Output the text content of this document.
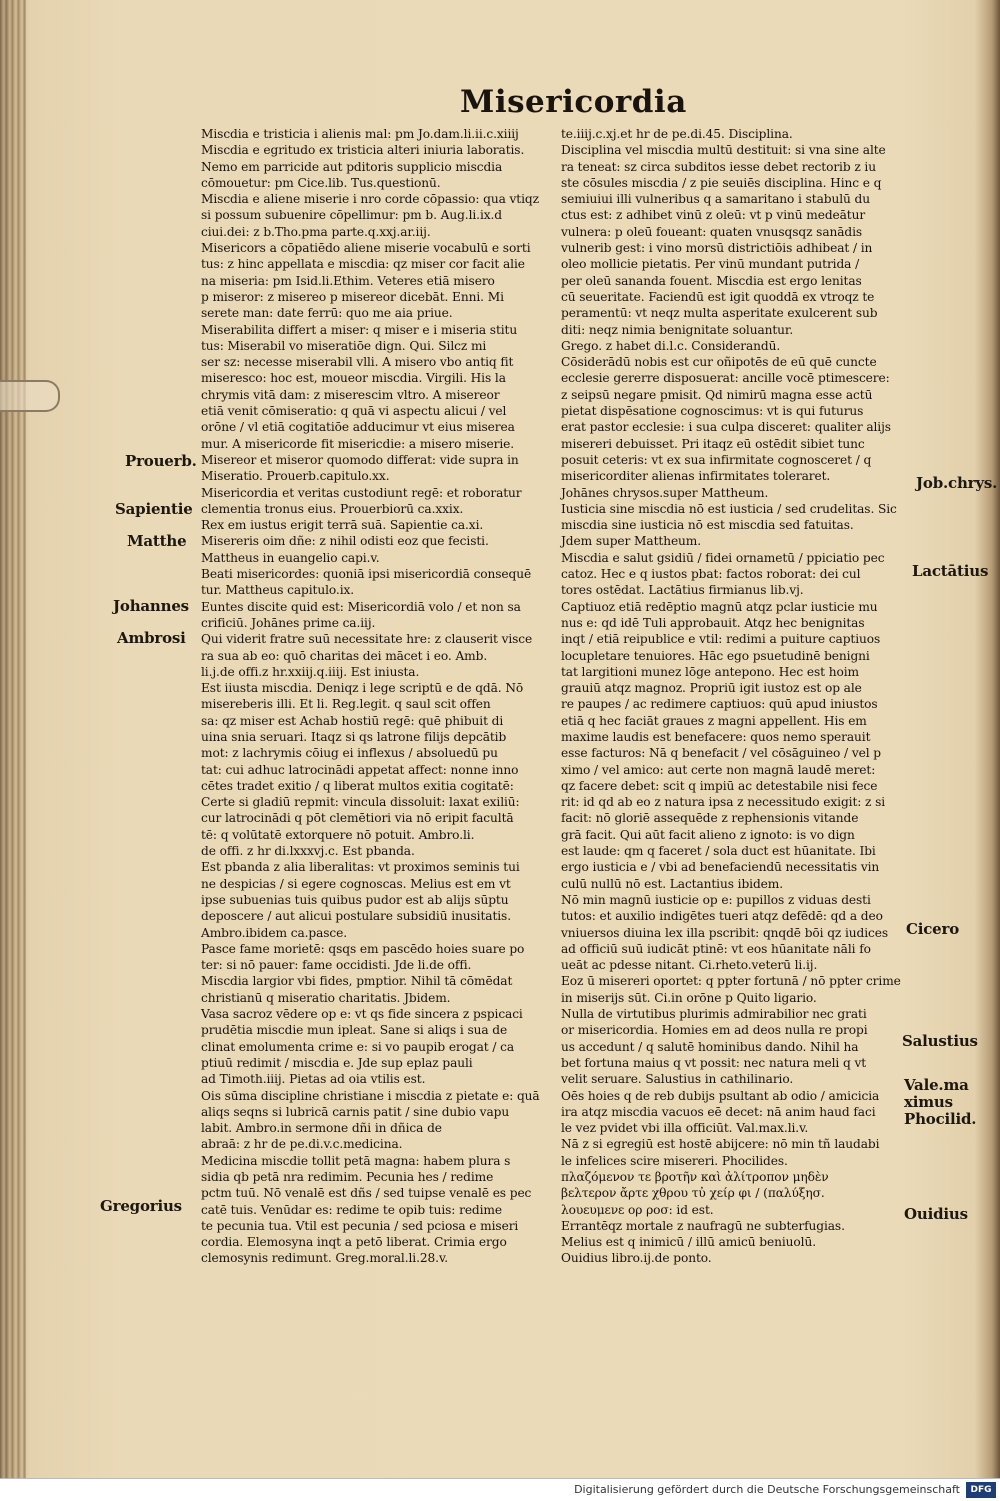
Misericordia
Miscdia e tristicia i alienis mal: pm Jo.dam.li.ii.c.xiiij
Miscdia e egritudo ex tristicia alteri iniuria laboratis.
Nemo em parricide aut pditoris supplicio miscdia
cōmouetur: pm Cice.lib. Tus.questionū.
Miscdia e aliene miserie i nro corde cōpassio: qua vtiqz
si possum subuenire cōpellimur: pm b. Aug.li.ix.d
ciui.dei: z b.Tho.pma parte.q.xxj.ar.iij.
Misericors a cōpatiēdo aliene miserie vocabulū e sorti
tus: z hinc appellata e miscdia: qz miser cor facit alie
na miseria: pm Isid.li.Ethim. Veteres etiā misero
p miseror: z misereo p misereor dicebāt. Enni. Mi
serete man: date ferrū: quo me aia priue.
Miserabilita differt a miser: q miser e i miseria stitu
tus: Miserabil vo miseratiōe dign. Qui. Silcz mi
ser sz: necesse miserabil vlli. A misero vbo antiq fit
miseresco: hoc est, moueor miscdia. Virgili. His la
chrymis vitā dam: z miserescim vltro. A misereor
etiā venit cōmiseratio: q quā vi aspectu alicui / vel
orōne / vl etiā cogitatiōe adducimur vt eius miserea
mur. A misericorde fit misericdie: a misero miserie.
Misereor et miseror quomodo differat: vide supra in
Miseratio. Prouerb.capitulo.xx.
Misericordia et veritas custodiunt regē: et roboratur
clementia tronus eius. Prouerbiorū ca.xxix.
Rex em iustus erigit terrā suā. Sapientie ca.xi.
Misereris oim dñe: z nihil odisti eoz que fecisti.
Mattheus in euangelio capi.v.
Beati misericordes: quoniā ipsi misericordiā consequē
tur. Mattheus capitulo.ix.
Euntes discite quid est: Misericordiā volo / et non sa
crificiū. Johānes prime ca.iij.
Qui viderit fratre suū necessitate hre: z clauserit visce
ra sua ab eo: quō charitas dei mācet i eo. Amb.
li.j.de offi.z hr.xxiij.q.iiij. Est iniusta.
Est iiusta miscdia. Deniqz i lege scriptū e de qdā. Nō
misereberis illi. Et li. Reg.legit. q saul scit offen
sa: qz miser est Achab hostiū regē: quē phibuit di
uina snia seruari. Itaqz si qs latrone filijs depcātib
mot: z lachrymis cōiug ei inflexus / absoluedū pu
tat: cui adhuc latrocinādi appetat affect: nonne inno
cētes tradet exitio / q liberat multos exitia cogitatē:
Certe si gladiū repmit: vincula dissoluit: laxat exiliū:
cur latrocinādi q pōt clemētiori via nō eripit facultā
tē: q volūtatē extorquere nō potuit. Ambro.li.
de offi. z hr di.lxxxvj.c. Est pbanda.
Est pbanda z alia liberalitas: vt proximos seminis tui
ne despicias / si egere cognoscas. Melius est em vt
ipse subuenias tuis quibus pudor est ab alijs sūptu
deposcere / aut alicui postulare subsidiū inusitatis.
Ambro.ibidem ca.pasce.
Pasce fame morietē: qsqs em pascēdo hoies suare po
ter: si nō pauer: fame occidisti. Jde li.de offi.
Miscdia largior vbi fides, pmptior. Nihil tā cōmēdat
christianū q miseratio charitatis. Jbidem.
Vasa sacroz vēdere op e: vt qs fide sincera z pspicaci
prudētia miscdie mun ipleat. Sane si aliqs i sua de
clinat emolumenta crime e: si vo paupib erogat / ca
ptiuū redimit / miscdia e. Jde sup eplaz pauli
ad Timoth.iiij. Pietas ad oia vtilis est.
Ois sūma discipline christiane i miscdia z pietate e: quā
aliqs seqns si lubricā carnis patit / sine dubio vapu
labit. Ambro.in sermone dñi in dñica de
abraā: z hr de pe.di.v.c.medicina.
Medicina miscdie tollit petā magna: habem plura s
sidia qb petā nra redimim. Pecunia hes / redime
pctm tuū. Nō venalē est dñs / sed tuipse venalē es pec
catē tuis. Venūdar es: redime te opib tuis: redime
te pecunia tua. Vtil est pecunia / sed pciosa e miseri
cordia. Elemosyna inqt a petō liberat. Crimia ergo
clemosynis redimunt. Greg.moral.li.28.v.
te.iiij.c.xj.et hr de pe.di.45. Disciplina.
Disciplina vel miscdia multū destituit: si vna sine alte
ra teneat: sz circa subditos iesse debet rectorib z iu
ste cōsules miscdia / z pie seuiēs disciplina. Hinc e q
semiuiui illi vulneribus q a samaritano i stabulū du
ctus est: z adhibet vinū z oleū: vt p vinū medeātur
vulnera: p oleū foueant: quaten vnusqsqz sanādis
vulnerib gest: i vino morsū districtiōis adhibeat / in
oleo mollicie pietatis. Per vinū mundant putrida /
per oleū sananda fouent. Miscdia est ergo lenitas
cū seueritate. Faciendū est igit quoddā ex vtroqz te
peramentū: vt neqz multa asperitate exulcerent sub
diti: neqz nimia benignitate soluantur.
Grego. z habet di.l.c. Considerandū.
Cōsiderādū nobis est cur oñipotēs de eū quē cuncte
ecclesie gererre disposuerat: ancille vocē ptimescere:
z seipsū negare pmisit. Qd nimirū magna esse actū
pietat dispēsatione cognoscimus: vt is qui futurus
erat pastor ecclesie: i sua culpa disceret: qualiter alijs
misereri debuisset. Pri itaqz eū ostēdit sibiet tunc
posuit ceteris: vt ex sua infirmitate cognosceret / q
misericorditer alienas infirmitates toleraret.
Johānes chrysos.super Mattheum.
Iusticia sine miscdia nō est iusticia / sed crudelitas. Sic
miscdia sine iusticia nō est miscdia sed fatuitas.
Jdem super Mattheum.
Miscdia e salut gsidiū / fidei ornametū / ppiciatio pec
catoz. Hec e q iustos pbat: factos roborat: dei cul
tores ostēdat. Lactātius firmianus lib.vj.
Captiuoz etiā redēptio magnū atqz pclar iusticie mu
nus e: qd idē Tuli approbauit. Atqz hec benignitas
inqt / etiā reipublice e vtil: redimi a puiture captiuos
locupletare tenuiores. Hāc ego psuetudinē benigni
tat largitioni munez lōge antepono. Hec est hoim
grauiū atqz magnoz. Propriū igit iustoz est op ale
re paupes / ac redimere captiuos: quū apud iniustos
etiā q hec faciāt graues z magni appellent. His em
maxime laudis est benefacere: quos nemo sperauit
esse facturos: Nā q benefacit / vel cōsāguineo / vel p
ximo / vel amico: aut certe non magnā laudē meret:
qz facere debet: scit q impiū ac detestabile nisi fece
rit: id qd ab eo z natura ipsa z necessitudo exigit: z si
facit: nō gloriē assequēde z rephensionis vitande
grā facit. Qui aūt facit alieno z ignoto: is vo dign
est laude: qm q faceret / sola duct est hūanitate. Ibi
ergo iusticia e / vbi ad benefaciendū necessitatis vin
culū nullū nō est. Lactantius ibidem.
Nō min magnū iusticie op e: pupillos z viduas desti
tutos: et auxilio indigētes tueri atqz defēdē: qd a deo
vniuersos diuina lex illa pscribit: qnqdē bōi qz iudices
ad officiū suū iudicāt ptinē: vt eos hūanitate nāli fo
ueāt ac pdesse nitant. Ci.rheto.veterū li.ij.
Eoz ū misereri oportet: q ppter fortunā / nō ppter crime
in miserijs sūt. Ci.in orōne p Quito ligario.
Nulla de virtutibus plurimis admirabilior nec grati
or misericordia. Homies em ad deos nulla re propi
us accedunt / q salutē hominibus dando. Nihil ha
bet fortuna maius q vt possit: nec natura meli q vt
velit seruare. Salustius in cathilinario.
Oēs hoies q de reb dubijs psultant ab odio / amicicia
ira atqz miscdia vacuos eē decet: nā anim haud faci
le vez pvidet vbi illa officiūt. Val.max.li.v.
Nā z si egregiū est hostē abijcere: nō min tñ laudabi
le infelices scire misereri. Phocilides.
πλαζόμενον τε βροτῆν καὶ ἀλίτροπον μηδὲν
βελτερον ἄρτε χθρου τὐ χείρ φι / (παλύξησ.
λουευμενε ορ ροσ: id est.
Errantēqz mortale z naufragū ne subterfugias.
Melius est q inimicū / illū amicū beniuolū.
Ouidius libro.ij.de ponto.
Prouerb.
Sapientie
Matthe
Johannes
Ambrosi
Gregorius
Job.chrys.
Lactātius
Cicero
Salustius
Vale.ma
ximus
Phocilid.
Ouidius
Digitalisierung gefördert durch die Deutsche Forschungsgemeinschaft	DFG
